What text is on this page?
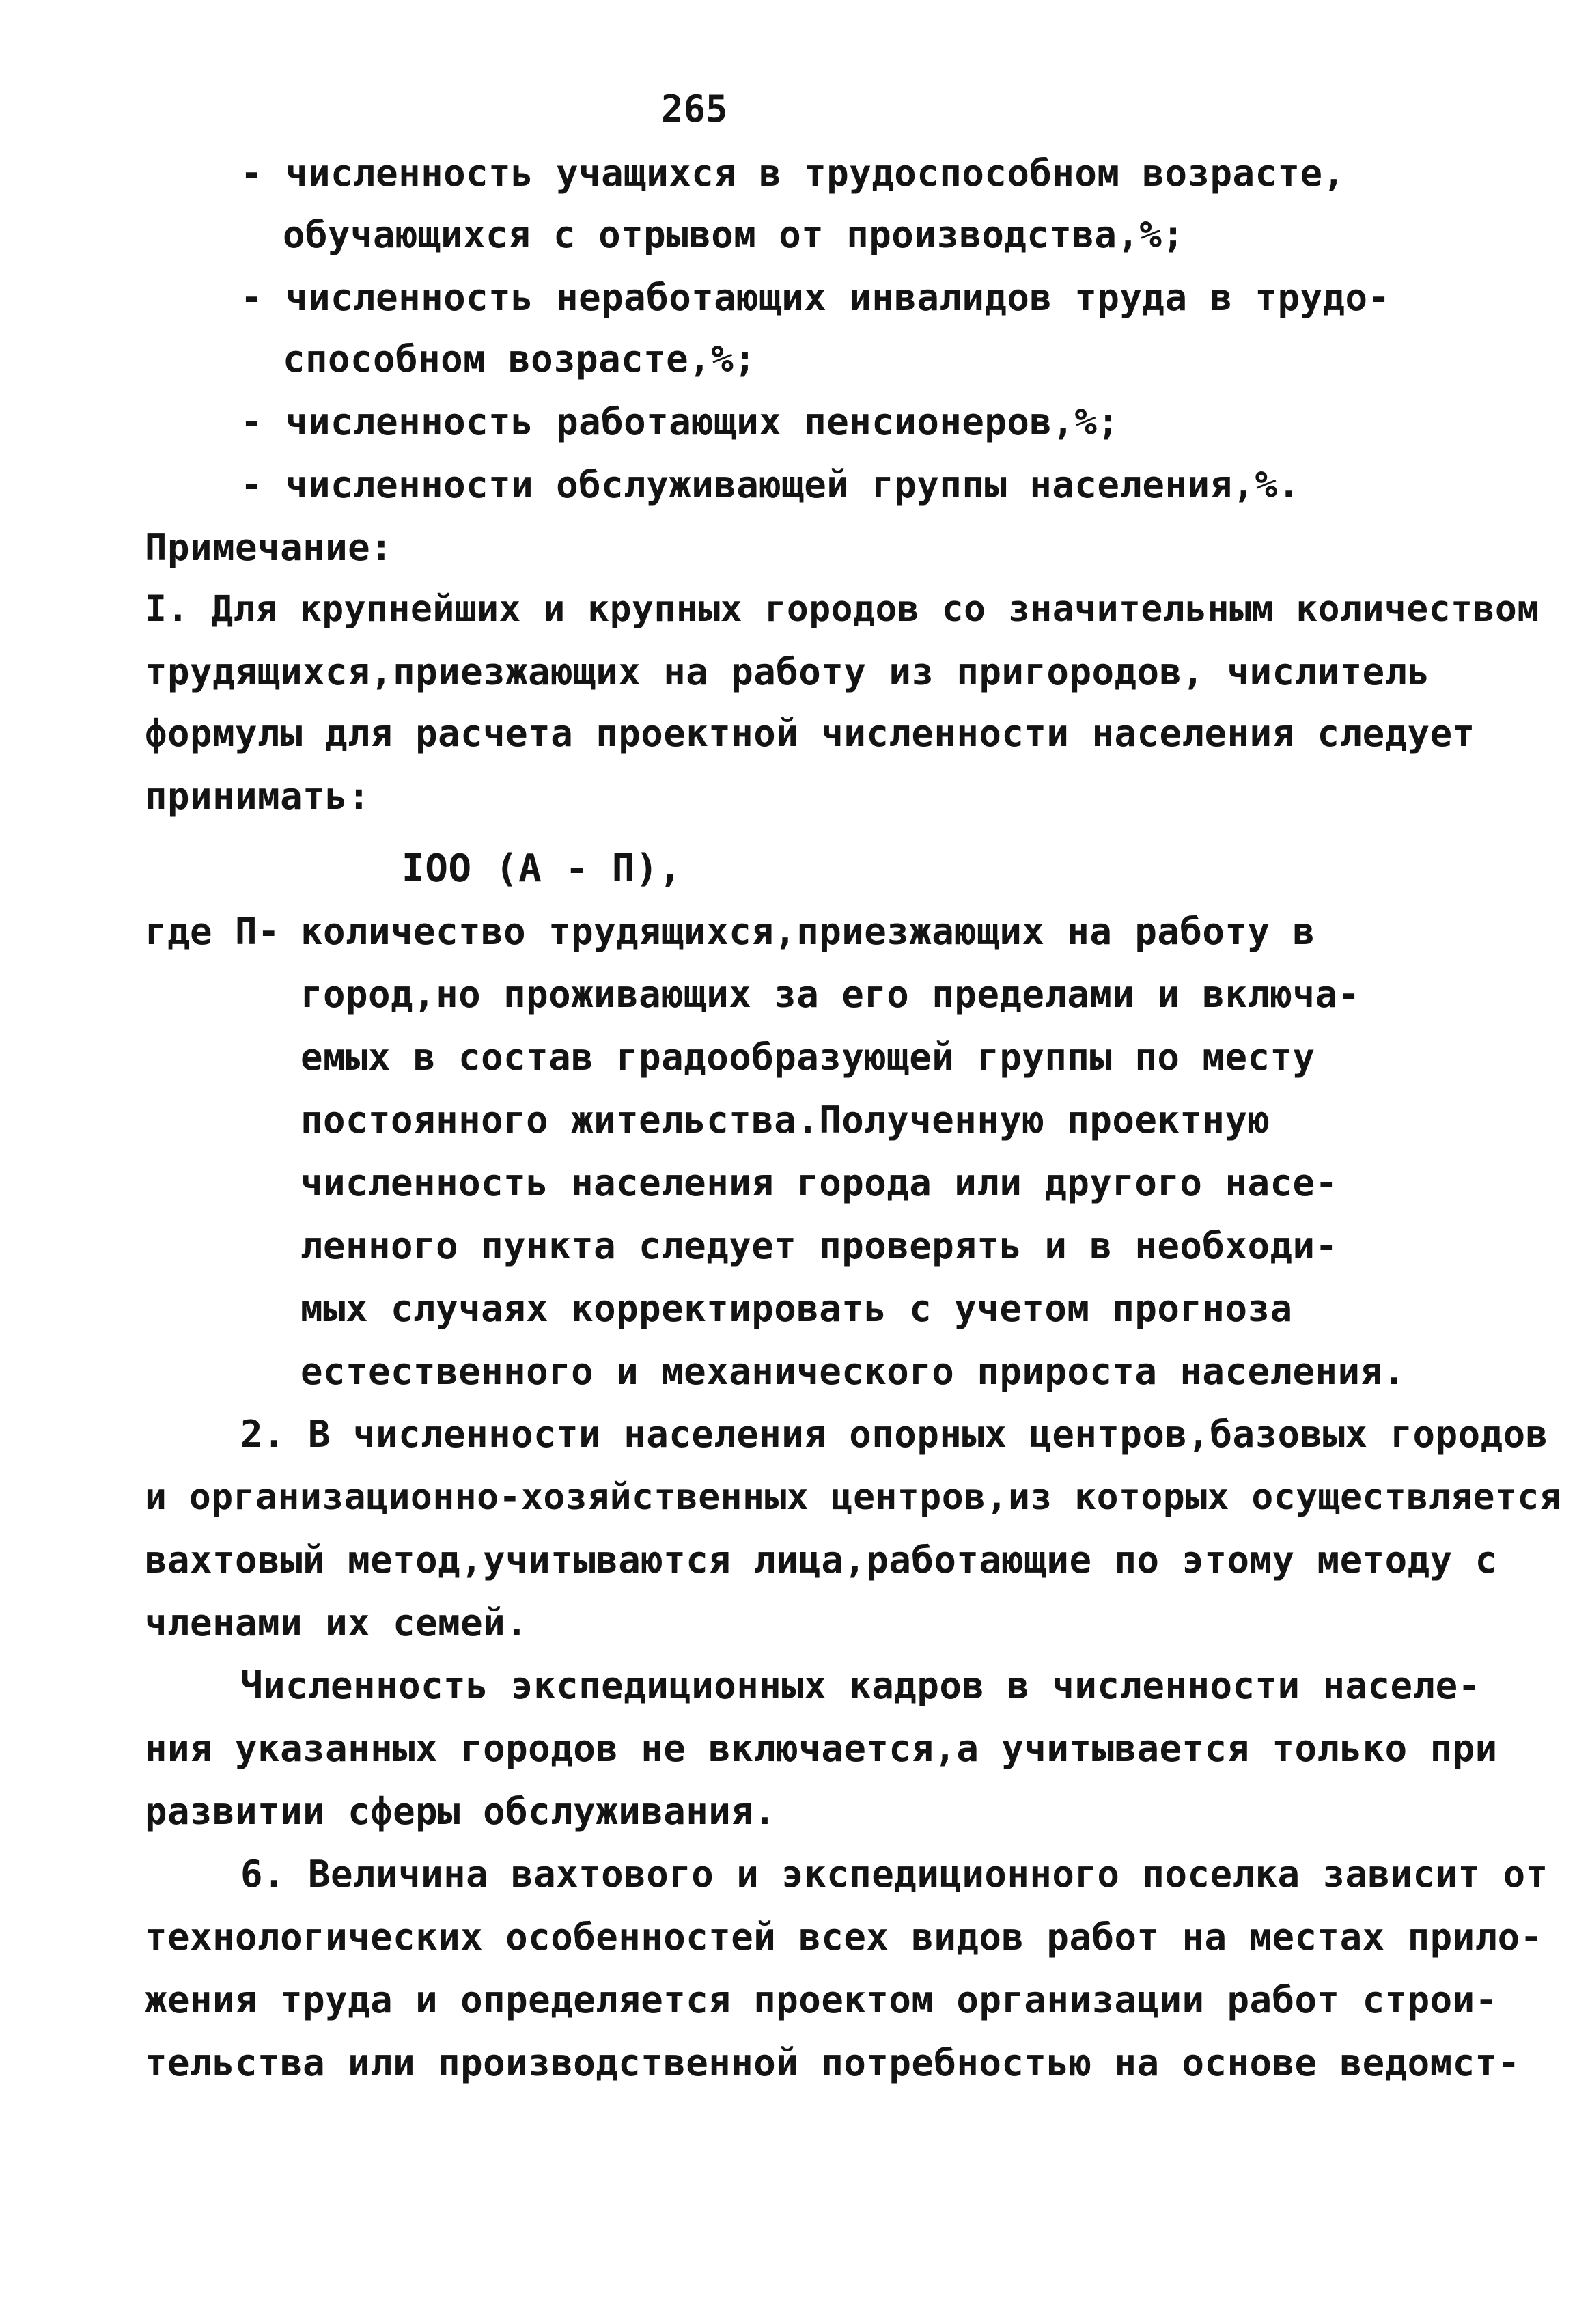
265
- численность учащихся в трудоспособном возрасте,
обучающихся с отрывом от производства,%;
- численность неработающих инвалидов труда в трудо-
способном возрасте,%;
- численность работающих пенсионеров,%;
- численности обслуживающей группы населения,%.
Примечание:
I. Для крупнейших и крупных городов со значительным количеством
трудящихся,приезжающих на работу из пригородов, числитель
формулы для расчета проектной численности населения следует
принимать:
IOO (А - П),
где П- количество трудящихся,приезжающих на работу в
город,но проживающих за его пределами и включа-
емых в состав градообразующей группы по месту
постоянного жительства.Полученную проектную
численность населения города или другого насе-
ленного пункта следует проверять и в необходи-
мых случаях корректировать с учетом прогноза
естественного и механического прироста населения.
2. В численности населения опорных центров,базовых городов
и организационно-хозяйственных центров,из которых осуществляется
вахтовый метод,учитываются лица,работающие по этому методу с
членами их семей.
Численность экспедиционных кадров в численности населе-
ния указанных городов не включается,а учитывается только при
развитии сферы обслуживания.
6. Величина вахтового и экспедиционного поселка зависит от
технологических особенностей всех видов работ на местах прило-
жения труда и определяется проектом организации работ строи-
тельства или производственной потребностью на основе ведомст-
